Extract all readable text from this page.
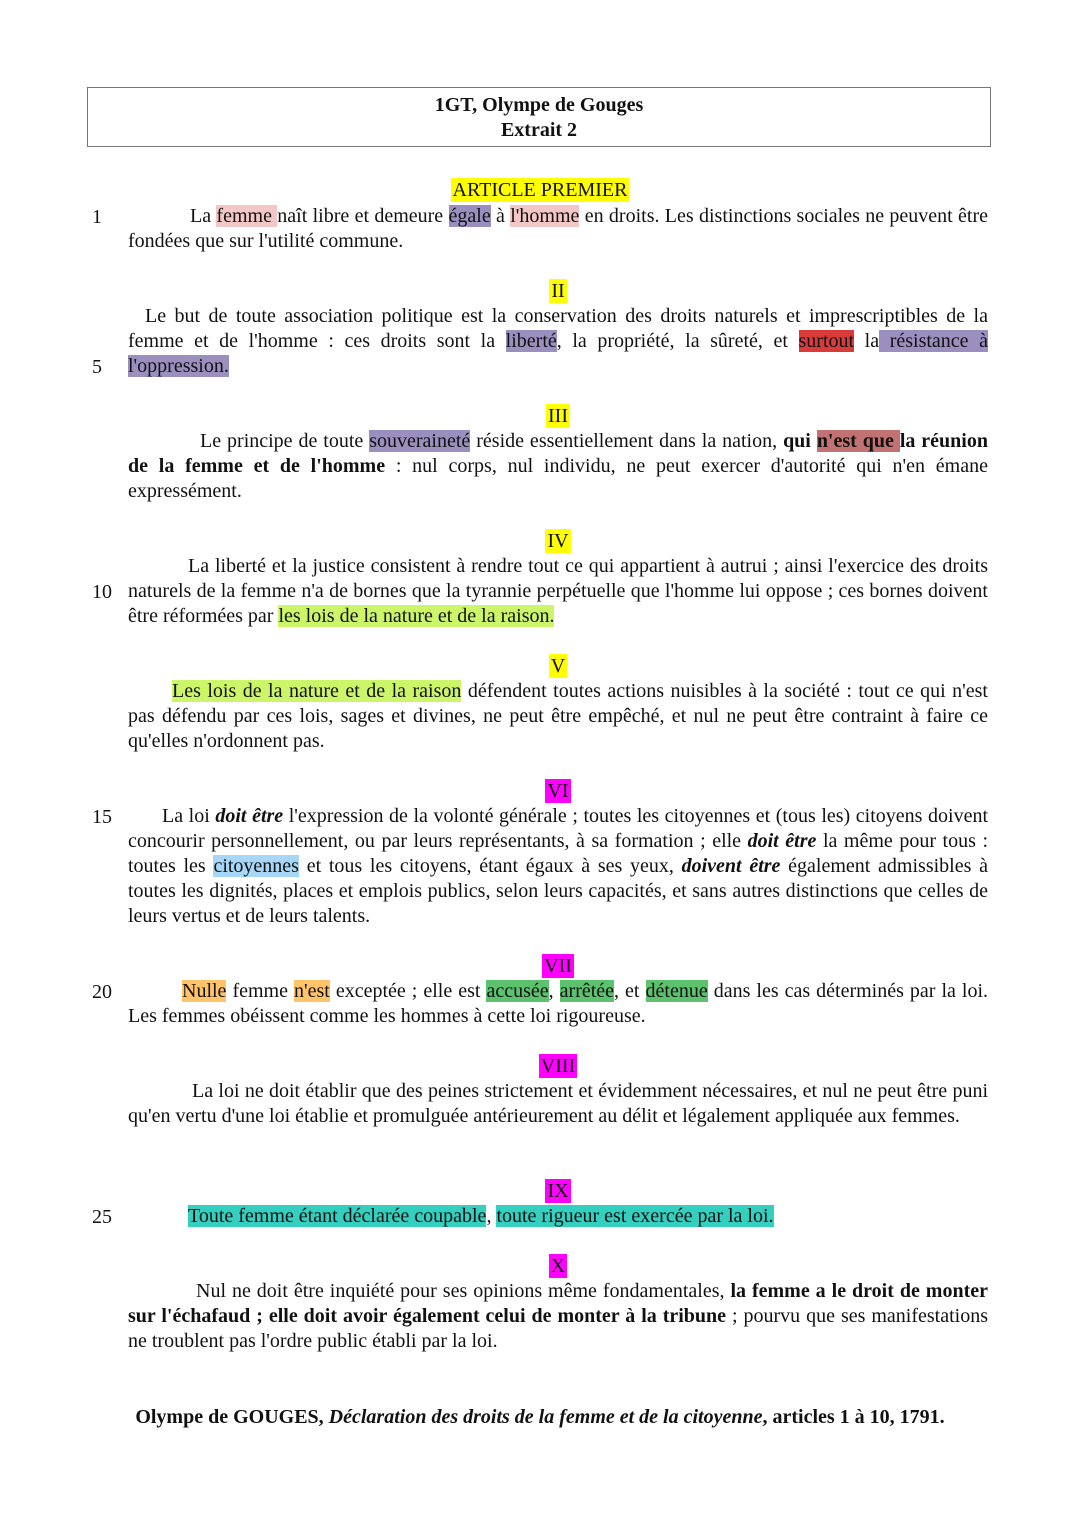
1GT, Olympe de Gouges
Extrait 2
1
5
10
15
20
25
ARTICLE PREMIER

La femme naît libre et demeure égale à l'homme en droits. Les distinctions sociales ne peuvent être fondées que sur l'utilité commune.

II

Le but de toute association politique est la conservation des droits naturels et imprescriptibles de la femme et de l'homme : ces droits sont la liberté, la propriété, la sûreté, et surtout la résistance à l'oppression.

III

Le principe de toute souveraineté réside essentiellement dans la nation, qui n'est que la réunion de la femme et de l'homme : nul corps, nul individu, ne peut exercer d'autorité qui n'en émane expressément.

IV

La liberté et la justice consistent à rendre tout ce qui appartient à autrui ; ainsi l'exercice des droits naturels de la femme n'a de bornes que la tyrannie perpétuelle que l'homme lui oppose ; ces bornes doivent être réformées par les lois de la nature et de la raison.

V

Les lois de la nature et de la raison défendent toutes actions nuisibles à la société : tout ce qui n'est pas défendu par ces lois, sages et divines, ne peut être empêché, et nul ne peut être contraint à faire ce qu'elles n'ordonnent pas.

VI

La loi doit être l'expression de la volonté générale ; toutes les citoyennes et (tous les) citoyens doivent concourir personnellement, ou par leurs représentants, à sa formation ; elle doit être la même pour tous : toutes les citoyennes et tous les citoyens, étant égaux à ses yeux, doivent être également admissibles à toutes les dignités, places et emplois publics, selon leurs capacités, et sans autres distinctions que celles de leurs vertus et de leurs talents.

VII

Nulle femme n'est exceptée ; elle est accusée, arrêtée, et détenue dans les cas déterminés par la loi. Les femmes obéissent comme les hommes à cette loi rigoureuse.

VIII

La loi ne doit établir que des peines strictement et évidemment nécessaires, et nul ne peut être puni qu'en vertu d'une loi établie et promulguée antérieurement au délit et légalement appliquée aux femmes.

IX

Toute femme étant déclarée coupable, toute rigueur est exercée par la loi.

X

Nul ne doit être inquiété pour ses opinions même fondamentales, la femme a le droit de monter sur l'échafaud ; elle doit avoir également celui de monter à la tribune ; pourvu que ses manifestations ne troublent pas l'ordre public établi par la loi.

Olympe de GOUGES, Déclaration des droits de la femme et de la citoyenne, articles 1 à 10, 1791.
